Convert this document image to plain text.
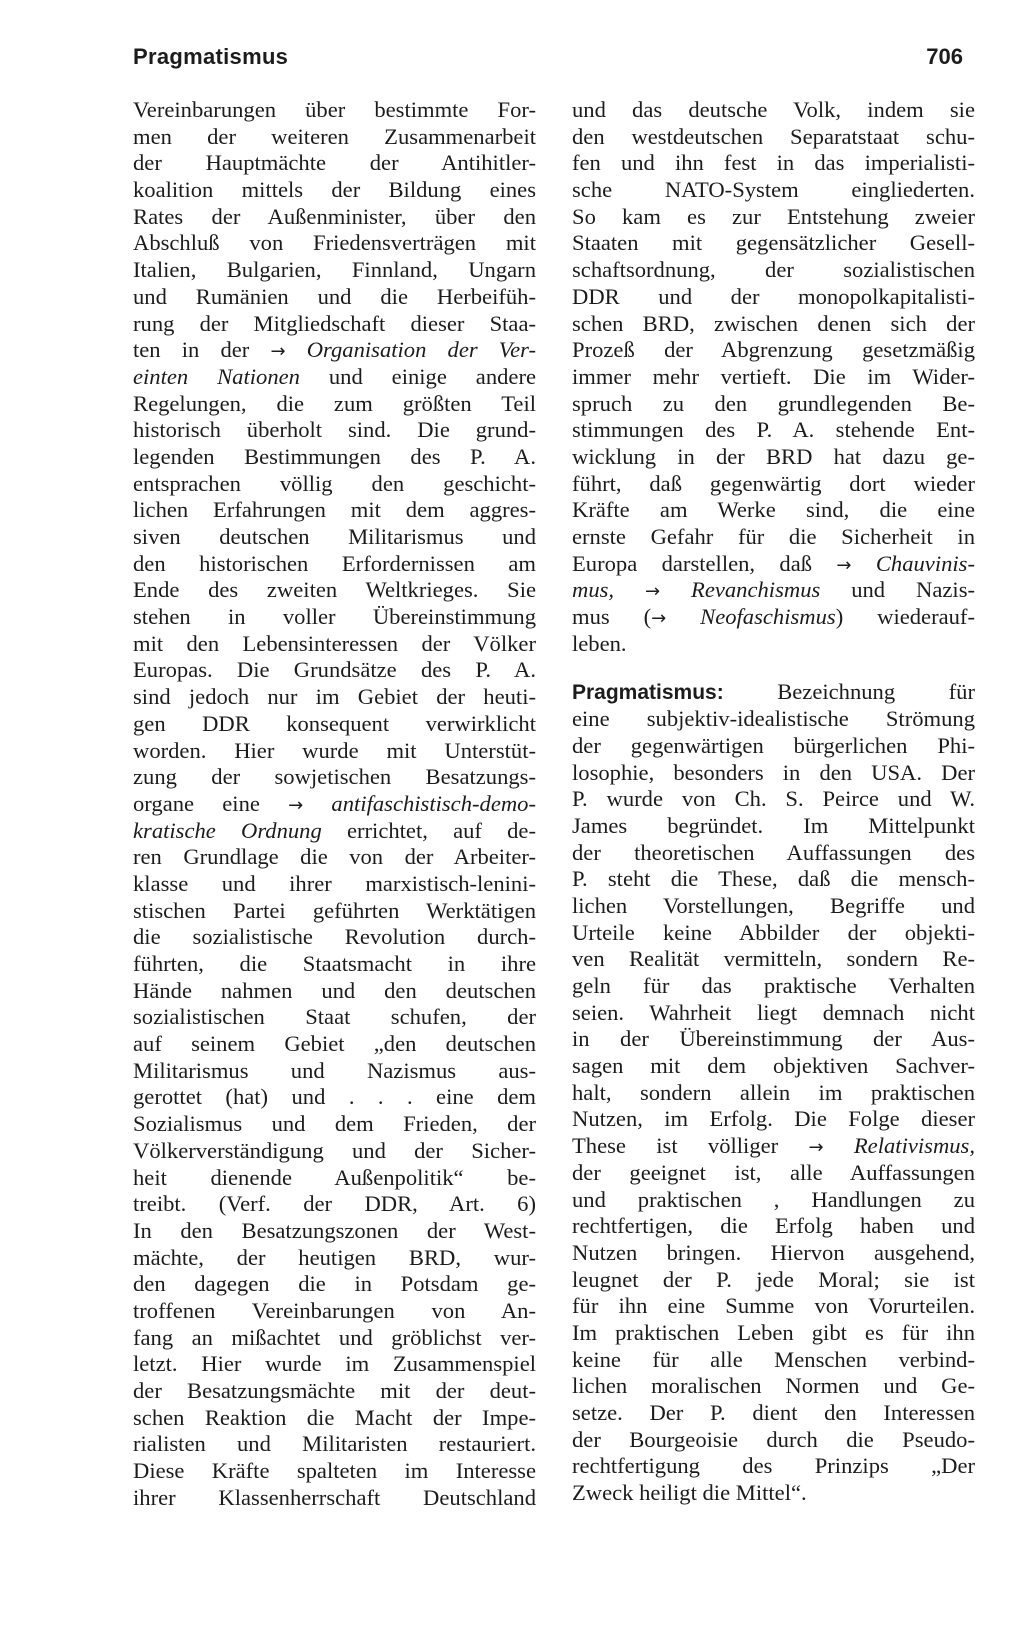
Pragmatismus	706
Vereinbarungen über bestimmte For-
men der weiteren Zusammenarbeit
der Hauptmächte der Antihitler-
koalition mittels der Bildung eines
Rates der Außenminister, über den
Abschluß von Friedensverträgen mit
Italien, Bulgarien, Finnland, Ungarn
und Rumänien und die Herbeifüh-
rung der Mitgliedschaft dieser Staa-
ten in der → Organisation der Ver-
einten Nationen und einige andere
Regelungen, die zum größten Teil
historisch überholt sind. Die grund-
legenden Bestimmungen des P. A.
entsprachen völlig den geschicht-
lichen Erfahrungen mit dem aggres-
siven deutschen Militarismus und
den historischen Erfordernissen am
Ende des zweiten Weltkrieges. Sie
stehen in voller Übereinstimmung
mit den Lebensinteressen der Völker
Europas. Die Grundsätze des P. A.
sind jedoch nur im Gebiet der heuti-
gen DDR konsequent verwirklicht
worden. Hier wurde mit Unterstüt-
zung der sowjetischen Besatzungs-
organe eine → antifaschistisch-demo-
kratische Ordnung errichtet, auf de-
ren Grundlage die von der Arbeiter-
klasse und ihrer marxistisch-lenini-
stischen Partei geführten Werktätigen
die sozialistische Revolution durch-
führten, die Staatsmacht in ihre
Hände nahmen und den deutschen
sozialistischen Staat schufen, der
auf seinem Gebiet „den deutschen
Militarismus und Nazismus aus-
gerottet (hat) und . . . eine dem
Sozialismus und dem Frieden, der
Völkerverständigung und der Sicher-
heit dienende Außenpolitik“ be-
treibt. (Verf. der DDR, Art. 6)
In den Besatzungszonen der West-
mächte, der heutigen BRD, wur-
den dagegen die in Potsdam ge-
troffenen Vereinbarungen von An-
fang an mißachtet und gröblichst ver-
letzt. Hier wurde im Zusammenspiel
der Besatzungsmächte mit der deut-
schen Reaktion die Macht der Impe-
rialisten und Militaristen restauriert.
Diese Kräfte spalteten im Interesse
ihrer Klassenherrschaft Deutschland
und das deutsche Volk, indem sie
den westdeutschen Separatstaat schu-
fen und ihn fest in das imperialisti-
sche NATO-System eingliederten.
So kam es zur Entstehung zweier
Staaten mit gegensätzlicher Gesell-
schaftsordnung, der sozialistischen
DDR und der monopolkapitalisti-
schen BRD, zwischen denen sich der
Prozeß der Abgrenzung gesetzmäßig
immer mehr vertieft. Die im Wider-
spruch zu den grundlegenden Be-
stimmungen des P. A. stehende Ent-
wicklung in der BRD hat dazu ge-
führt, daß gegenwärtig dort wieder
Kräfte am Werke sind, die eine
ernste Gefahr für die Sicherheit in
Europa darstellen, daß → Chauvinis-
mus, → Revanchismus und Nazis-
mus (→ Neofaschismus) wiederauf-
leben.
Pragmatismus: Bezeichnung für
eine subjektiv-idealistische Strömung
der gegenwärtigen bürgerlichen Phi-
losophie, besonders in den USA. Der
P. wurde von Ch. S. Peirce und W.
James begründet. Im Mittelpunkt
der theoretischen Auffassungen des
P. steht die These, daß die mensch-
lichen Vorstellungen, Begriffe und
Urteile keine Abbilder der objekti-
ven Realität vermitteln, sondern Re-
geln für das praktische Verhalten
seien. Wahrheit liegt demnach nicht
in der Übereinstimmung der Aus-
sagen mit dem objektiven Sachver-
halt, sondern allein im praktischen
Nutzen, im Erfolg. Die Folge dieser
These ist völliger → Relativismus,
der geeignet ist, alle Auffassungen
und praktischen , Handlungen zu
rechtfertigen, die Erfolg haben und
Nutzen bringen. Hiervon ausgehend,
leugnet der P. jede Moral; sie ist
für ihn eine Summe von Vorurteilen.
Im praktischen Leben gibt es für ihn
keine für alle Menschen verbind-
lichen moralischen Normen und Ge-
setze. Der P. dient den Interessen
der Bourgeoisie durch die Pseudo-
rechtfertigung des Prinzips „Der
Zweck heiligt die Mittel“.
